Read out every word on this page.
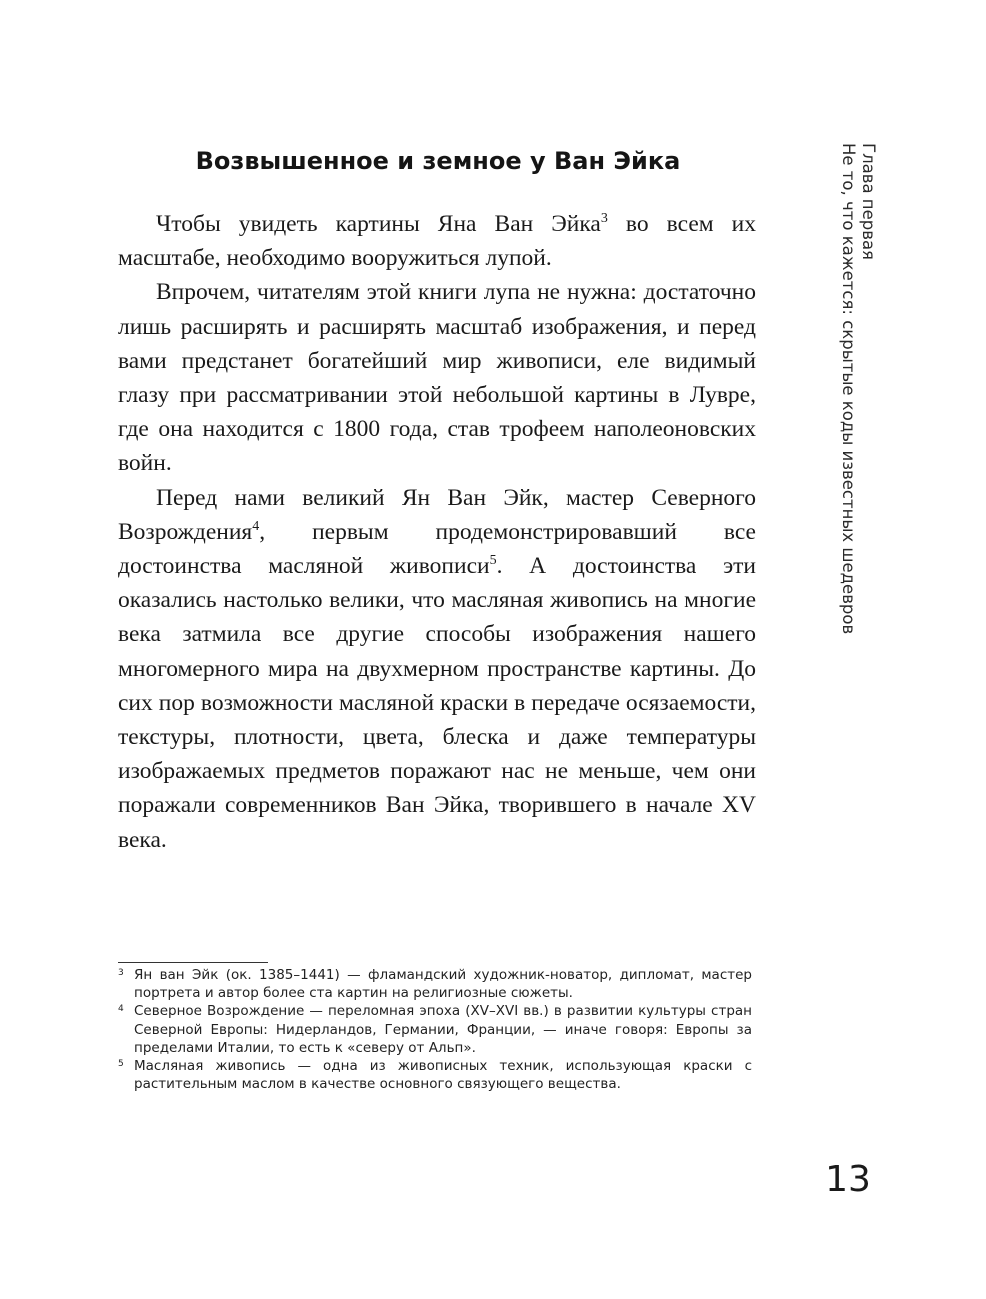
Возвышенное и земное у Ван Эйка

Чтобы увидеть картины Яна Ван Эйка$^3$ во всем их масштабе, необходимо вооружиться лупой.

Впрочем, читателям этой книги лупа не нужна: достаточно лишь расширять и расширять масштаб изображения, и перед вами предстанет богатейший мир живописи, еле видимый глазу при рассматривании этой небольшой картины в Лувре, где она находится с 1800 года, став трофеем наполеоновских войн.

Перед нами великий Ян Ван Эйк, мастер Северного Возрождения$^4$, первым продемонстрировавший все достоинства масляной живописи$^5$. А достоинства эти оказались настолько велики, что масляная живопись на многие века затмила все другие способы изображения нашего многомерного мира на двухмерном пространстве картины. До сих пор возможности масляной краски в передаче осязаемости, текстуры, плотности, цвета, блеска и даже температуры изображаемых предметов поражают нас не меньше, чем они поражали современников Ван Эйка, творившего в начале XV века.

3 Ян ван Эйк (ок. 1385–1441) — фламандский художник-новатор, дипломат, мастер портрета и автор более ста картин на религиозные сюжеты.
4 Северное Возрождение — переломная эпоха (XV–XVI вв.) в развитии культуры стран Северной Европы: Нидерландов, Германии, Франции, — иначе говоря: Европы за пределами Италии, то есть к «северу от Альп».
5 Масляная живопись — одна из живописных техник, использующая краски с растительным маслом в качестве основного связующего вещества.
Глава первая
Не то, что кажется: скрытые коды известных шедевров
13
